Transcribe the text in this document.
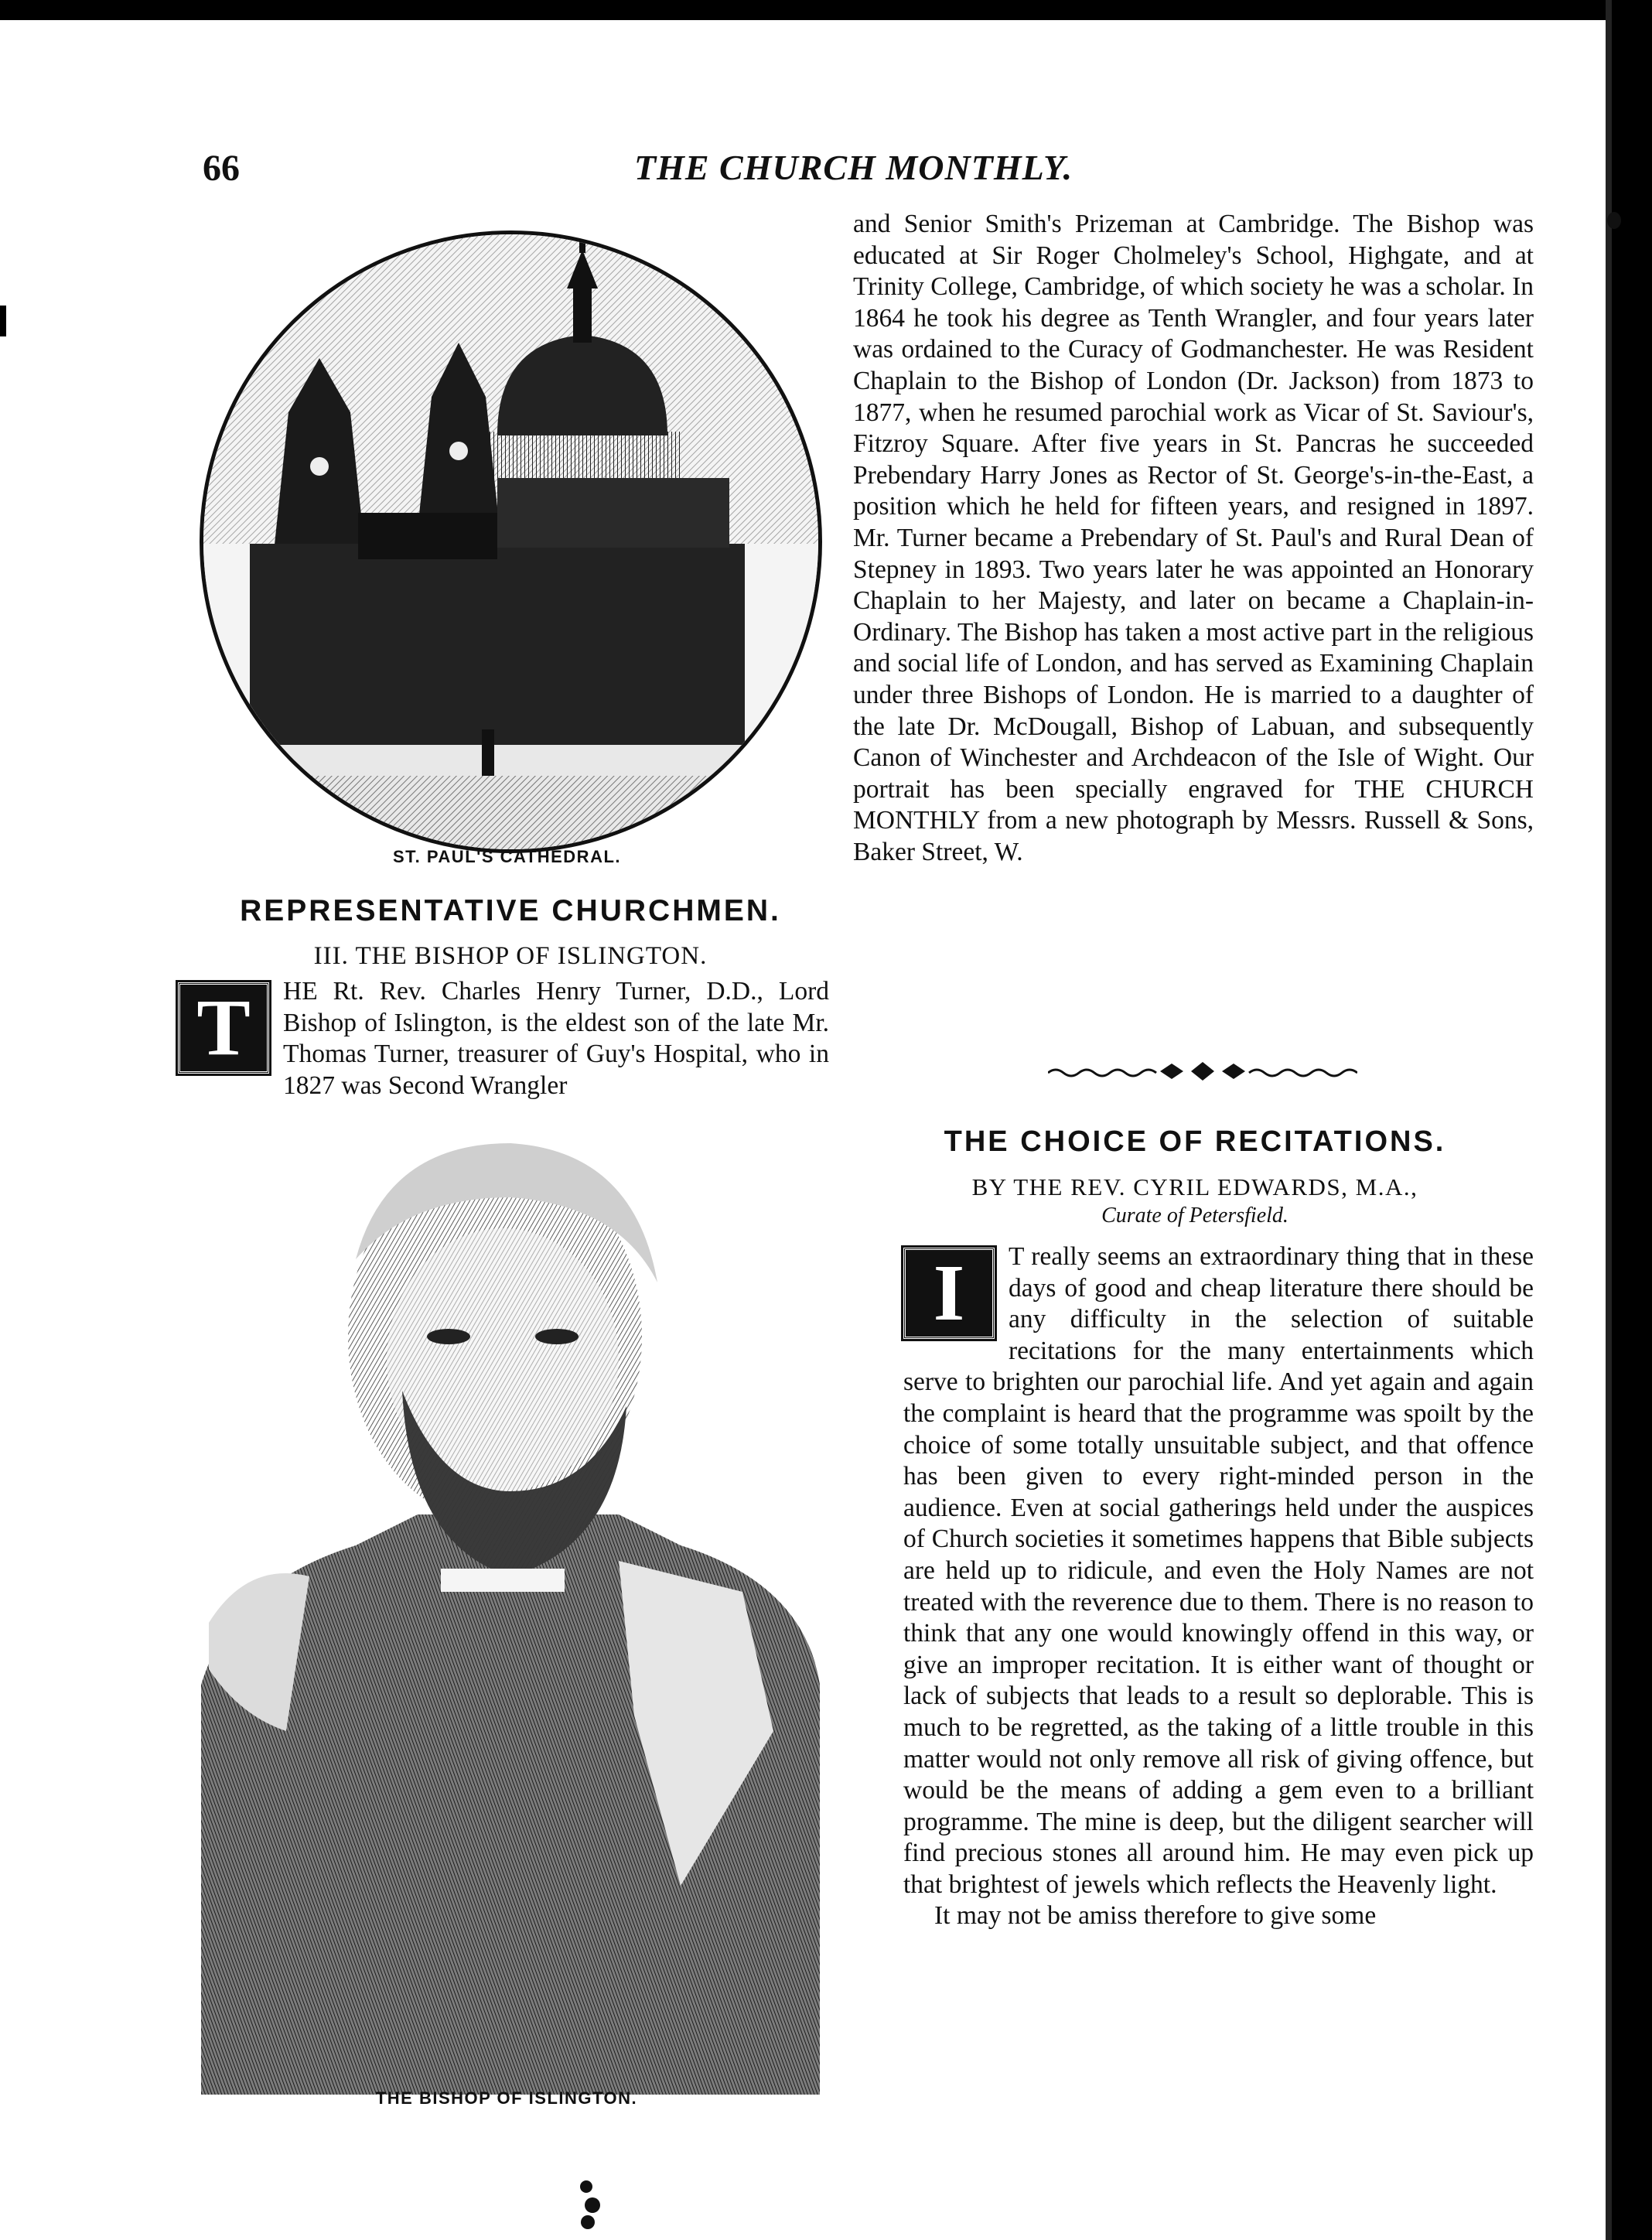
66	THE CHURCH MONTHLY.
ST. PAUL'S CATHEDRAL.
REPRESENTATIVE CHURCHMEN.
III. THE BISHOP OF ISLINGTON.
T	HE Rt. Rev. Charles Henry Turner, D.D., Lord Bishop of Islington, is the eldest son of the late Mr. Thomas Turner, treasurer of Guy's Hospital, who in 1827 was Second Wrangler

THE BISHOP OF ISLINGTON.

and Senior Smith's Prizeman at Cambridge. The Bishop was educated at Sir Roger Cholmeley's School, Highgate, and at Trinity College, Cambridge, of which society he was a scholar. In 1864 he took his degree as Tenth Wrangler, and four years later was ordained to the Curacy of Godmanchester. He was Resident Chaplain to the Bishop of London (Dr. Jackson) from 1873 to 1877, when he resumed parochial work as Vicar of St. Saviour's, Fitzroy Square. After five years in St. Pancras he succeeded Prebendary Harry Jones as Rector of St. George's-in-the-East, a position which he held for fifteen years, and resigned in 1897. Mr. Turner became a Prebendary of St. Paul's and Rural Dean of Stepney in 1893. Two years later he was appointed an Honorary Chaplain to her Majesty, and later on became a Chaplain-in-Ordinary. The Bishop has taken a most active part in the religious and social life of London, and has served as Examining Chaplain under three Bishops of London. He is married to a daughter of the late Dr. McDougall, Bishop of Labuan, and subsequently Canon of Winchester and Archdeacon of the Isle of Wight. Our portrait has been specially engraved for THE CHURCH MONTHLY from a new photograph by Messrs. Russell & Sons, Baker Street, W.

THE CHOICE OF RECITATIONS.
BY THE REV. CYRIL EDWARDS, M.A.,
Curate of Petersfield.
I	T really seems an extraordinary thing that in these days of good and cheap literature there should be any difficulty in the selection of suitable recitations for the many entertainments which serve to brighten our parochial life. And yet again and again the complaint is heard that the programme was spoilt by the choice of some totally unsuitable subject, and that offence has been given to every right-minded person in the audience. Even at social gatherings held under the auspices of Church societies it sometimes happens that Bible subjects are held up to ridicule, and even the Holy Names are not treated with the reverence due to them. There is no reason to think that any one would knowingly offend in this way, or give an improper recitation. It is either want of thought or lack of subjects that leads to a result so deplorable. This is much to be regretted, as the taking of a little trouble in this matter would not only remove all risk of giving offence, but would be the means of adding a gem even to a brilliant programme. The mine is deep, but the diligent searcher will find precious stones all around him. He may even pick up that brightest of jewels which reflects the Heavenly light.

It may not be amiss therefore to give some
